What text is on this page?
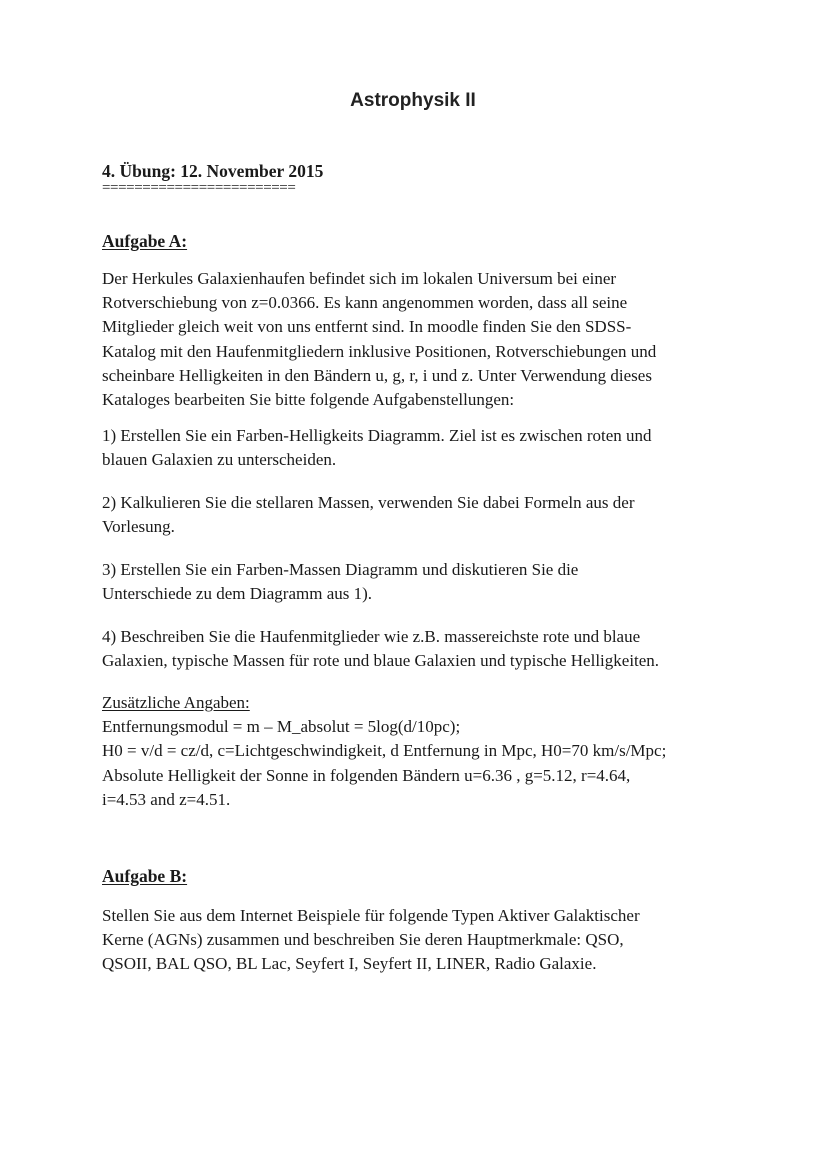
Astrophysik II
4. Übung: 12. November 2015
========================
Aufgabe A:
Der Herkules Galaxienhaufen befindet sich im lokalen Universum bei einer
Rotverschiebung von z=0.0366. Es kann angenommen worden, dass all seine
Mitglieder gleich weit von uns entfernt sind. In moodle finden Sie den SDSS-
Katalog mit den Haufenmitgliedern inklusive Positionen, Rotverschiebungen und
scheinbare Helligkeiten in den Bändern u, g, r, i und z. Unter Verwendung dieses
Kataloges bearbeiten Sie bitte folgende Aufgabenstellungen:
1) Erstellen Sie ein Farben-Helligkeits Diagramm. Ziel ist es zwischen roten und
blauen Galaxien zu unterscheiden.
2) Kalkulieren Sie die stellaren Massen, verwenden Sie dabei Formeln aus der
Vorlesung.
3) Erstellen Sie ein Farben-Massen Diagramm und diskutieren Sie die
Unterschiede zu dem Diagramm aus 1).
4) Beschreiben Sie die Haufenmitglieder wie z.B. massereichste rote und blaue
Galaxien, typische Massen für rote und blaue Galaxien und typische Helligkeiten.
Zusätzliche Angaben:
Entfernungsmodul = m – M_absolut = 5log(d/10pc);
H0 = v/d = cz/d, c=Lichtgeschwindigkeit, d Entfernung in Mpc, H0=70 km/s/Mpc;
Absolute Helligkeit der Sonne in folgenden Bändern u=6.36 , g=5.12, r=4.64,
i=4.53 and z=4.51.
Aufgabe B:
Stellen Sie aus dem Internet Beispiele für folgende Typen Aktiver Galaktischer
Kerne (AGNs) zusammen und beschreiben Sie deren Hauptmerkmale: QSO,
QSOII, BAL QSO, BL Lac, Seyfert I, Seyfert II, LINER, Radio Galaxie.
